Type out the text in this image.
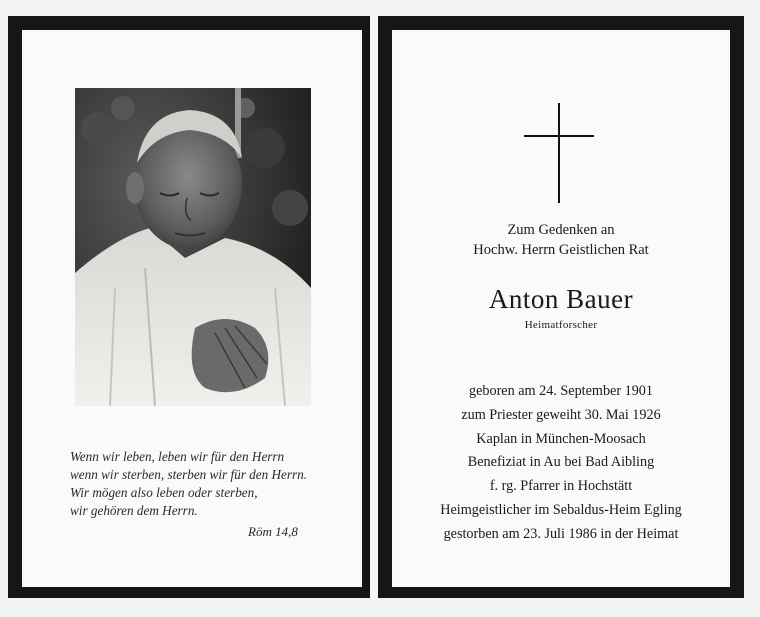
Wenn wir leben, leben wir für den Herrn
wenn wir sterben, sterben wir für den Herrn.
Wir mögen also leben oder sterben,
wir gehören dem Herrn.
Röm 14,8
Zum Gedenken an
Hochw. Herrn Geistlichen Rat
Anton Bauer
Heimatforscher
geboren am 24. September 1901
zum Priester geweiht 30. Mai 1926
Kaplan in München-Moosach
Benefiziat in Au bei Bad Aibling
f. rg. Pfarrer in Hochstätt
Heimgeistlicher im Sebaldus-Heim Egling
gestorben am 23. Juli 1986 in der Heimat
